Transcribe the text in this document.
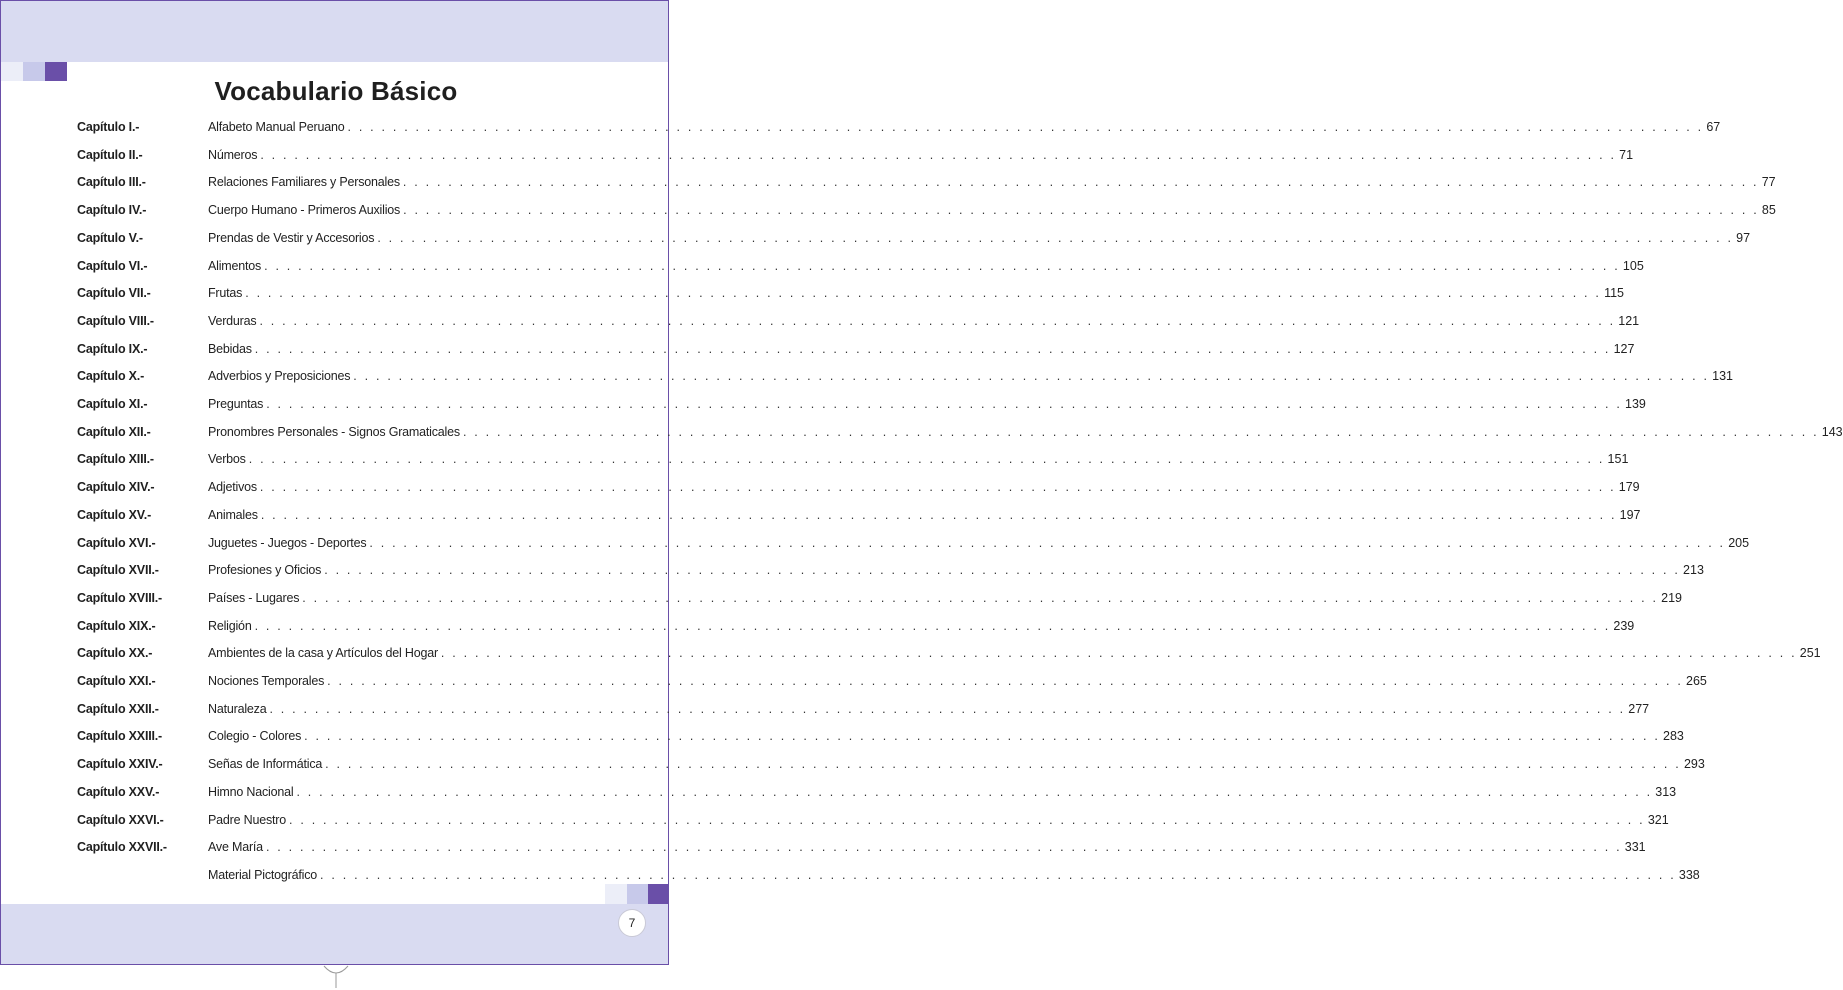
7
Vocabulario Básico
Capítulo I.-	Alfabeto Manual Peruano . . . . . . . . . . . . . . . . . . . . . . . . . . . . . . . . . . . . . . . . . . . . . . . . . . . . . . . . . . . . . . . . . . . . . . . . . . . . . . . . . . . . . . . . . . . . . . . . . . . . . . . . . . . . . . . . . . . . . . . . 67
Capítulo II.-	Números . . . . . . . . . . . . . . . . . . . . . . . . . . . . . . . . . . . . . . . . . . . . . . . . . . . . . . . . . . . . . . . . . . . . . . . . . . . . . . . . . . . . . . . . . . . . . . . . . . . . . . . . . . . . . . . . . . . . . . . . 71
Capítulo III.-	Relaciones Familiares y Personales . . . . . . . . . . . . . . . . . . . . . . . . . . . . . . . . . . . . . . . . . . . . . . . . . . . . . . . . . . . . . . . . . . . . . . . . . . . . . . . . . . . . . . . . . . . . . . . . . . . . . . . . . . . . . . . . . . . . . . . . 77
Capítulo IV.-	Cuerpo Humano - Primeros Auxilios . . . . . . . . . . . . . . . . . . . . . . . . . . . . . . . . . . . . . . . . . . . . . . . . . . . . . . . . . . . . . . . . . . . . . . . . . . . . . . . . . . . . . . . . . . . . . . . . . . . . . . . . . . . . . . . . . . . . . . . . 85
Capítulo V.-	Prendas de Vestir y Accesorios . . . . . . . . . . . . . . . . . . . . . . . . . . . . . . . . . . . . . . . . . . . . . . . . . . . . . . . . . . . . . . . . . . . . . . . . . . . . . . . . . . . . . . . . . . . . . . . . . . . . . . . . . . . . . . . . . . . . . . . . 97
Capítulo VI.-	Alimentos . . . . . . . . . . . . . . . . . . . . . . . . . . . . . . . . . . . . . . . . . . . . . . . . . . . . . . . . . . . . . . . . . . . . . . . . . . . . . . . . . . . . . . . . . . . . . . . . . . . . . . . . . . . . . . . . . . . . . . . . 105
Capítulo VII.-	Frutas . . . . . . . . . . . . . . . . . . . . . . . . . . . . . . . . . . . . . . . . . . . . . . . . . . . . . . . . . . . . . . . . . . . . . . . . . . . . . . . . . . . . . . . . . . . . . . . . . . . . . . . . . . . . . . . . . . . . . . . . 115
Capítulo VIII.-	Verduras . . . . . . . . . . . . . . . . . . . . . . . . . . . . . . . . . . . . . . . . . . . . . . . . . . . . . . . . . . . . . . . . . . . . . . . . . . . . . . . . . . . . . . . . . . . . . . . . . . . . . . . . . . . . . . . . . . . . . . . . 121
Capítulo IX.-	Bebidas . . . . . . . . . . . . . . . . . . . . . . . . . . . . . . . . . . . . . . . . . . . . . . . . . . . . . . . . . . . . . . . . . . . . . . . . . . . . . . . . . . . . . . . . . . . . . . . . . . . . . . . . . . . . . . . . . . . . . . . . 127
Capítulo X.-	Adverbios y Preposiciones . . . . . . . . . . . . . . . . . . . . . . . . . . . . . . . . . . . . . . . . . . . . . . . . . . . . . . . . . . . . . . . . . . . . . . . . . . . . . . . . . . . . . . . . . . . . . . . . . . . . . . . . . . . . . . . . . . . . . . . . 131
Capítulo XI.-	Preguntas . . . . . . . . . . . . . . . . . . . . . . . . . . . . . . . . . . . . . . . . . . . . . . . . . . . . . . . . . . . . . . . . . . . . . . . . . . . . . . . . . . . . . . . . . . . . . . . . . . . . . . . . . . . . . . . . . . . . . . . . 139
Capítulo XII.-	Pronombres Personales - Signos Gramaticales . . . . . . . . . . . . . . . . . . . . . . . . . . . . . . . . . . . . . . . . . . . . . . . . . . . . . . . . . . . . . . . . . . . . . . . . . . . . . . . . . . . . . . . . . . . . . . . . . . . . . . . . . . . . . . . . . . . . . . . . 143
Capítulo XIII.-	Verbos . . . . . . . . . . . . . . . . . . . . . . . . . . . . . . . . . . . . . . . . . . . . . . . . . . . . . . . . . . . . . . . . . . . . . . . . . . . . . . . . . . . . . . . . . . . . . . . . . . . . . . . . . . . . . . . . . . . . . . . . 151
Capítulo XIV.-	Adjetivos . . . . . . . . . . . . . . . . . . . . . . . . . . . . . . . . . . . . . . . . . . . . . . . . . . . . . . . . . . . . . . . . . . . . . . . . . . . . . . . . . . . . . . . . . . . . . . . . . . . . . . . . . . . . . . . . . . . . . . . . 179
Capítulo XV.-	Animales . . . . . . . . . . . . . . . . . . . . . . . . . . . . . . . . . . . . . . . . . . . . . . . . . . . . . . . . . . . . . . . . . . . . . . . . . . . . . . . . . . . . . . . . . . . . . . . . . . . . . . . . . . . . . . . . . . . . . . . . 197
Capítulo XVI.-	Juguetes - Juegos - Deportes . . . . . . . . . . . . . . . . . . . . . . . . . . . . . . . . . . . . . . . . . . . . . . . . . . . . . . . . . . . . . . . . . . . . . . . . . . . . . . . . . . . . . . . . . . . . . . . . . . . . . . . . . . . . . . . . . . . . . . . . 205
Capítulo XVII.-	Profesiones y Oficios . . . . . . . . . . . . . . . . . . . . . . . . . . . . . . . . . . . . . . . . . . . . . . . . . . . . . . . . . . . . . . . . . . . . . . . . . . . . . . . . . . . . . . . . . . . . . . . . . . . . . . . . . . . . . . . . . . . . . . . . 213
Capítulo XVIII.-	Países - Lugares . . . . . . . . . . . . . . . . . . . . . . . . . . . . . . . . . . . . . . . . . . . . . . . . . . . . . . . . . . . . . . . . . . . . . . . . . . . . . . . . . . . . . . . . . . . . . . . . . . . . . . . . . . . . . . . . . . . . . . . . 219
Capítulo XIX.-	Religión . . . . . . . . . . . . . . . . . . . . . . . . . . . . . . . . . . . . . . . . . . . . . . . . . . . . . . . . . . . . . . . . . . . . . . . . . . . . . . . . . . . . . . . . . . . . . . . . . . . . . . . . . . . . . . . . . . . . . . . . 239
Capítulo XX.-	Ambientes de la casa y Artículos del Hogar . . . . . . . . . . . . . . . . . . . . . . . . . . . . . . . . . . . . . . . . . . . . . . . . . . . . . . . . . . . . . . . . . . . . . . . . . . . . . . . . . . . . . . . . . . . . . . . . . . . . . . . . . . . . . . . . . . . . . . . . 251
Capítulo XXI.-	Nociones Temporales . . . . . . . . . . . . . . . . . . . . . . . . . . . . . . . . . . . . . . . . . . . . . . . . . . . . . . . . . . . . . . . . . . . . . . . . . . . . . . . . . . . . . . . . . . . . . . . . . . . . . . . . . . . . . . . . . . . . . . . . 265
Capítulo XXII.-	Naturaleza . . . . . . . . . . . . . . . . . . . . . . . . . . . . . . . . . . . . . . . . . . . . . . . . . . . . . . . . . . . . . . . . . . . . . . . . . . . . . . . . . . . . . . . . . . . . . . . . . . . . . . . . . . . . . . . . . . . . . . . . 277
Capítulo XXIII.-	Colegio - Colores . . . . . . . . . . . . . . . . . . . . . . . . . . . . . . . . . . . . . . . . . . . . . . . . . . . . . . . . . . . . . . . . . . . . . . . . . . . . . . . . . . . . . . . . . . . . . . . . . . . . . . . . . . . . . . . . . . . . . . . . 283
Capítulo XXIV.-	Señas de Informática . . . . . . . . . . . . . . . . . . . . . . . . . . . . . . . . . . . . . . . . . . . . . . . . . . . . . . . . . . . . . . . . . . . . . . . . . . . . . . . . . . . . . . . . . . . . . . . . . . . . . . . . . . . . . . . . . . . . . . . . 293
Capítulo XXV.-	Himno Nacional . . . . . . . . . . . . . . . . . . . . . . . . . . . . . . . . . . . . . . . . . . . . . . . . . . . . . . . . . . . . . . . . . . . . . . . . . . . . . . . . . . . . . . . . . . . . . . . . . . . . . . . . . . . . . . . . . . . . . . . . 313
Capítulo XXVI.-	Padre Nuestro . . . . . . . . . . . . . . . . . . . . . . . . . . . . . . . . . . . . . . . . . . . . . . . . . . . . . . . . . . . . . . . . . . . . . . . . . . . . . . . . . . . . . . . . . . . . . . . . . . . . . . . . . . . . . . . . . . . . . . . . 321
Capítulo XXVII.-	Ave María . . . . . . . . . . . . . . . . . . . . . . . . . . . . . . . . . . . . . . . . . . . . . . . . . . . . . . . . . . . . . . . . . . . . . . . . . . . . . . . . . . . . . . . . . . . . . . . . . . . . . . . . . . . . . . . . . . . . . . . . 331
Material Pictográfico . . . . . . . . . . . . . . . . . . . . . . . . . . . . . . . . . . . . . . . . . . . . . . . . . . . . . . . . . . . . . . . . . . . . . . . . . . . . . . . . . . . . . . . . . . . . . . . . . . . . . . . . . . . . . . . . . . . . . . . . 338
